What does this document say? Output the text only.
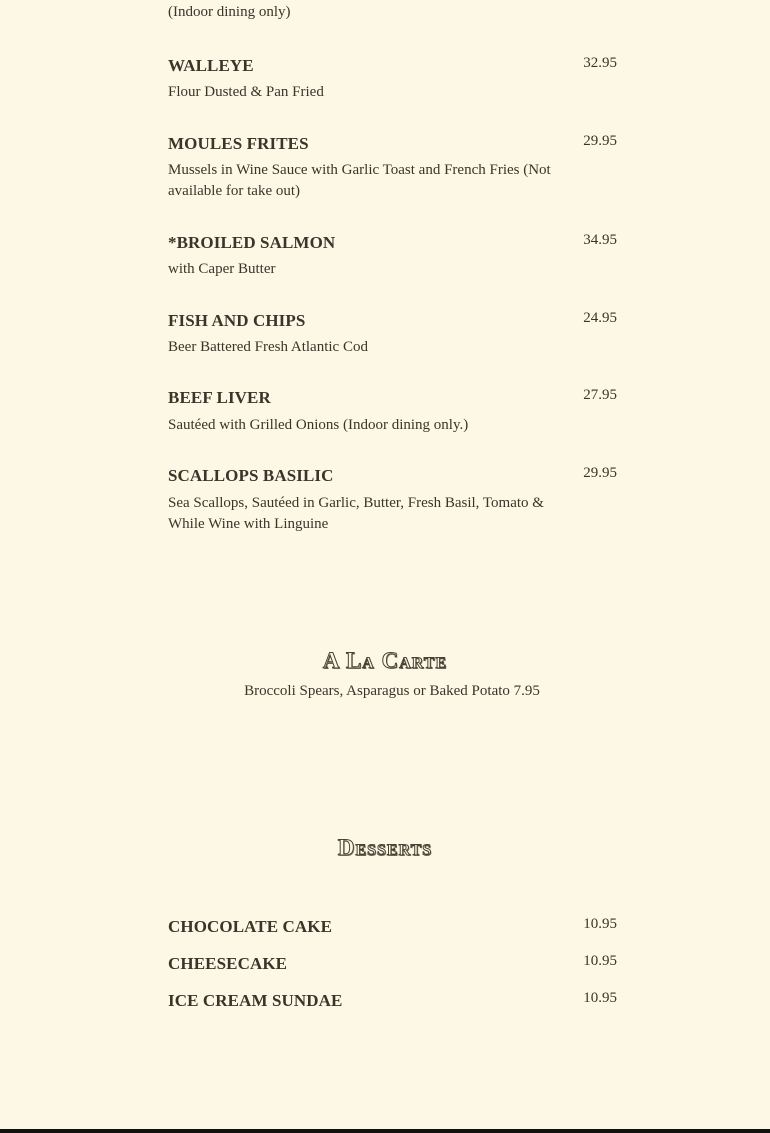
(Indoor dining only)
WALLEYE	32.95
Flour Dusted & Pan Fried
MOULES FRITES	29.95
Mussels in Wine Sauce with Garlic Toast and French Fries (Not available for take out)
*BROILED SALMON	34.95
with Caper Butter
FISH AND CHIPS	24.95
Beer Battered Fresh Atlantic Cod
BEEF LIVER	27.95
Sautéed with Grilled Onions (Indoor dining only.)
SCALLOPS BASILIC	29.95
Sea Scallops, Sautéed in Garlic, Butter, Fresh Basil, Tomato & While Wine with Linguine
A La Carte
Broccoli Spears, Asparagus or Baked Potato 7.95
Desserts
CHOCOLATE CAKE	10.95
CHEESECAKE	10.95
ICE CREAM SUNDAE	10.95
